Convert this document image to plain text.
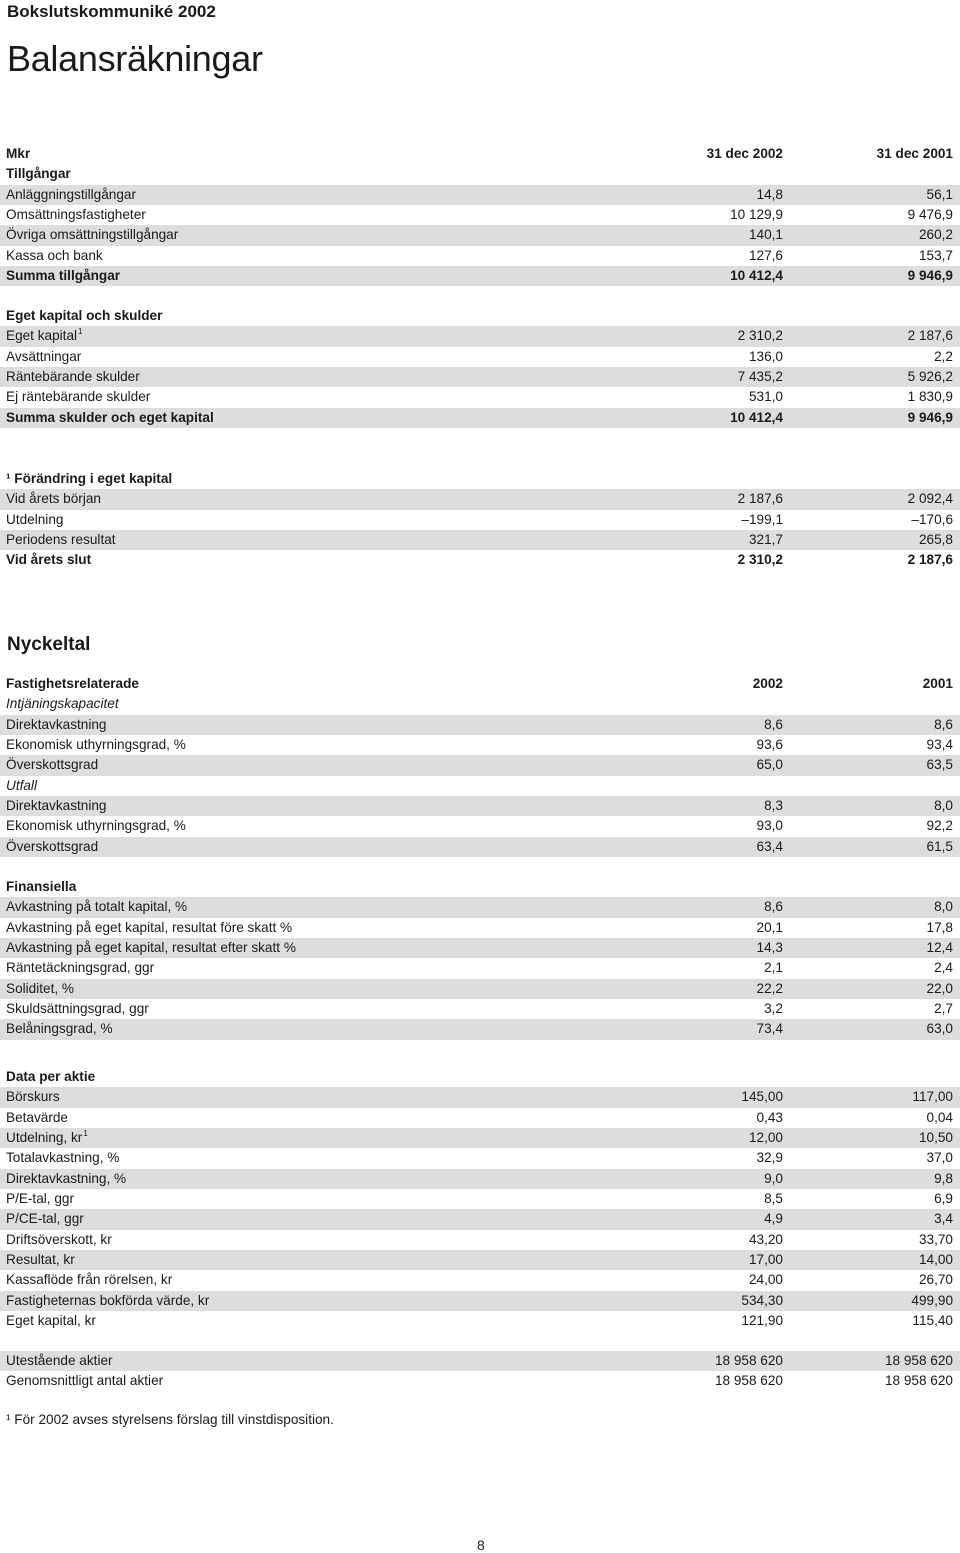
Bokslutskommuniké 2002
Balansräkningar
Mkr	31 dec 2002	31 dec 2001
Tillgångar
Anläggningstillgångar	14,8	56,1
Omsättningsfastigheter	10 129,9	9 476,9
Övriga omsättningstillgångar	140,1	260,2
Kassa och bank	127,6	153,7
Summa tillgångar	10 412,4	9 946,9
Eget kapital och skulder
Eget kapital$^1$	2 310,2	2 187,6
Avsättningar	136,0	2,2
Räntebärande skulder	7 435,2	5 926,2
Ej räntebärande skulder	531,0	1 830,9
Summa skulder och eget kapital	10 412,4	9 946,9
¹ Förändring i eget kapital
Vid årets början	2 187,6	2 092,4
Utdelning	–199,1	–170,6
Periodens resultat	321,7	265,8
Vid årets slut	2 310,2	2 187,6
Nyckeltal
Fastighetsrelaterade	2002	2001
Intjäningskapacitet
Direktavkastning	8,6	8,6
Ekonomisk uthyrningsgrad, %	93,6	93,4
Överskottsgrad	65,0	63,5
Utfall
Direktavkastning	8,3	8,0
Ekonomisk uthyrningsgrad, %	93,0	92,2
Överskottsgrad	63,4	61,5
Finansiella
Avkastning på totalt kapital, %	8,6	8,0
Avkastning på eget kapital, resultat före skatt %	20,1	17,8
Avkastning på eget kapital, resultat efter skatt %	14,3	12,4
Räntetäckningsgrad, ggr	2,1	2,4
Soliditet, %	22,2	22,0
Skuldsättningsgrad, ggr	3,2	2,7
Belåningsgrad, %	73,4	63,0
Data per aktie
Börskurs	145,00	117,00
Betavärde	0,43	0,04
Utdelning, $kr^1$	12,00	10,50
Totalavkastning, %	32,9	37,0
Direktavkastning, %	9,0	9,8
P/E-tal, ggr	8,5	6,9
P/CE-tal, ggr	4,9	3,4
Driftsöverskott, kr	43,20	33,70
Resultat, kr	17,00	14,00
Kassaflöde från rörelsen, kr	24,00	26,70
Fastigheternas bokförda värde, kr	534,30	499,90
Eget kapital, kr	121,90	115,40
Utestående aktier	18 958 620	18 958 620
Genomsnittligt antal aktier	18 958 620	18 958 620
¹ För 2002 avses styrelsens förslag till vinstdisposition.
8
